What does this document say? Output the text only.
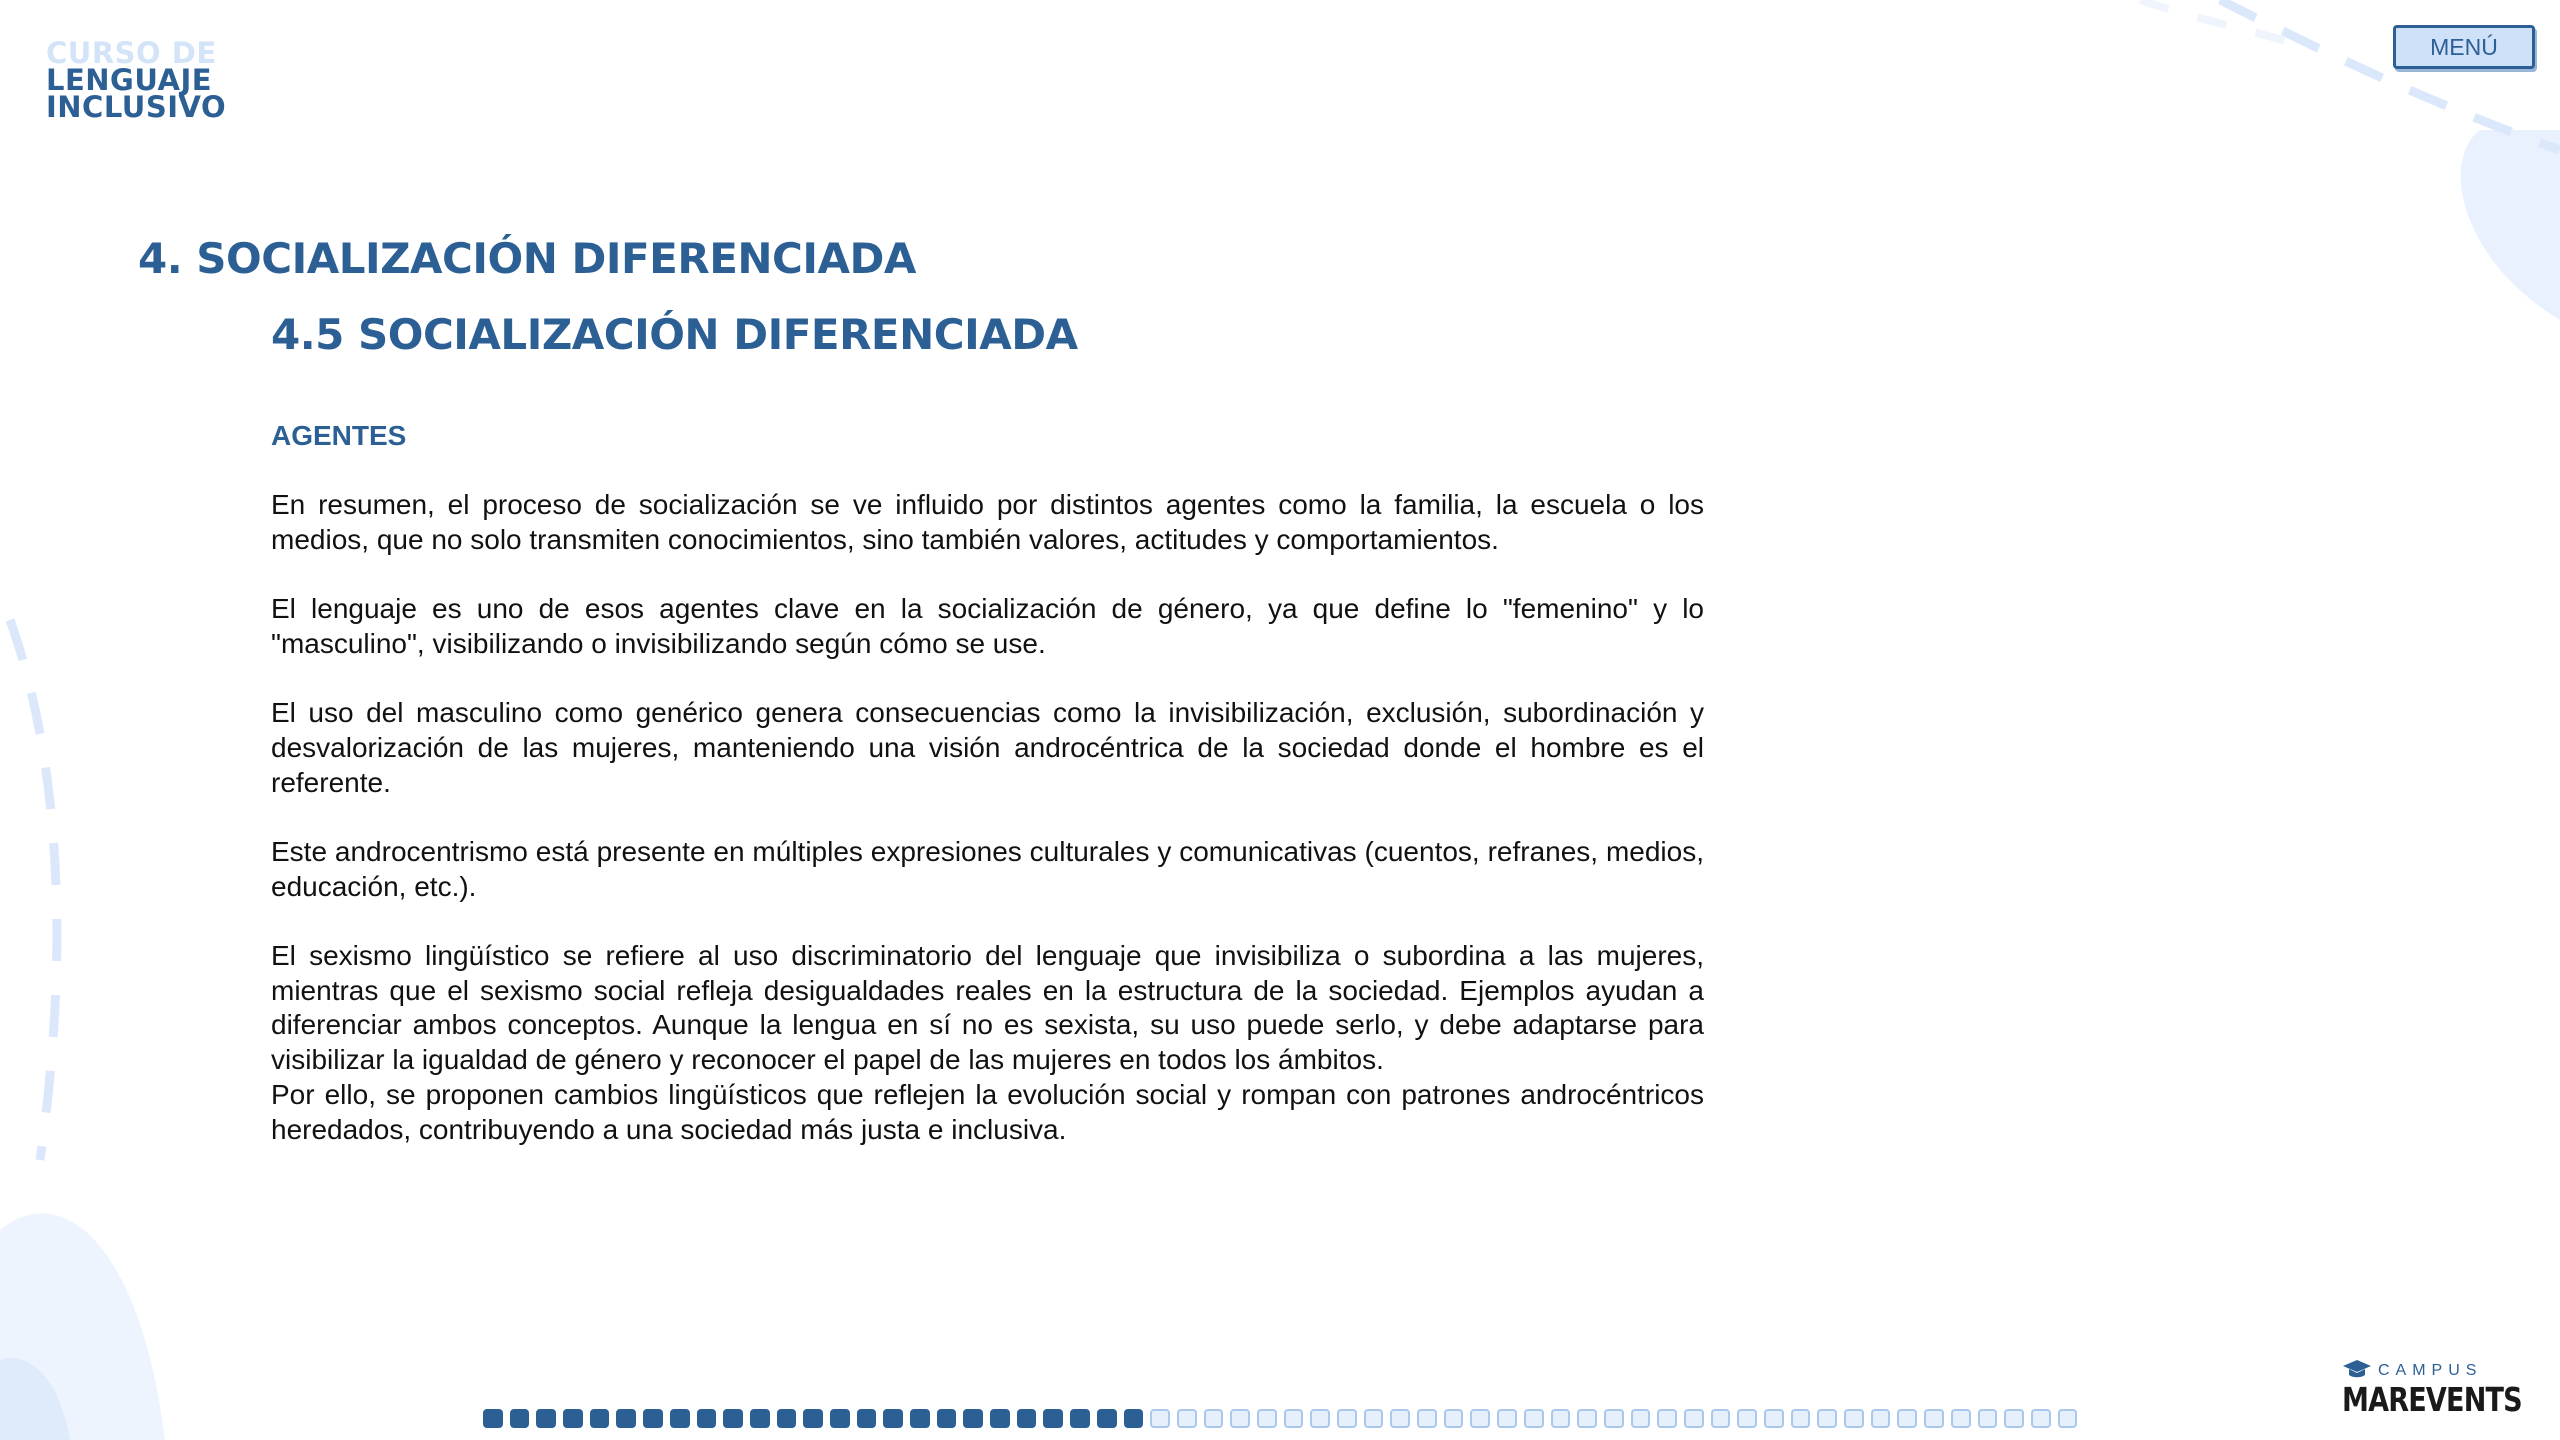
CURSO DE
LENGUAJE
INCLUSIVO
MENÚ
4. SOCIALIZACIÓN DIFERENCIADA
4.5 SOCIALIZACIÓN DIFERENCIADA
AGENTES

En resumen, el proceso de socialización se ve influido por distintos agentes como la familia, la escuela o los medios, que no solo transmiten conocimientos, sino también valores, actitudes y comportamientos.

El lenguaje es uno de esos agentes clave en la socialización de género, ya que define lo "femenino" y lo "masculino", visibilizando o invisibilizando según cómo se use.

El uso del masculino como genérico genera consecuencias como la invisibilización, exclusión, subordinación y desvalorización de las mujeres, manteniendo una visión androcéntrica de la sociedad donde el hombre es el referente.

Este androcentrismo está presente en múltiples expresiones culturales y comunicativas (cuentos, refranes, medios, educación, etc.).

El sexismo lingüístico se refiere al uso discriminatorio del lenguaje que invisibiliza o subordina a las mujeres, mientras que el sexismo social refleja desigualdades reales en la estructura de la sociedad. Ejemplos ayudan a diferenciar ambos conceptos. Aunque la lengua en sí no es sexista, su uso puede serlo, y debe adaptarse para visibilizar la igualdad de género y reconocer el papel de las mujeres en todos los ámbitos.

Por ello, se proponen cambios lingüísticos que reflejen la evolución social y rompan con patrones androcéntricos heredados, contribuyendo a una sociedad más justa e inclusiva.

CAMPUS
MAREVENTS
